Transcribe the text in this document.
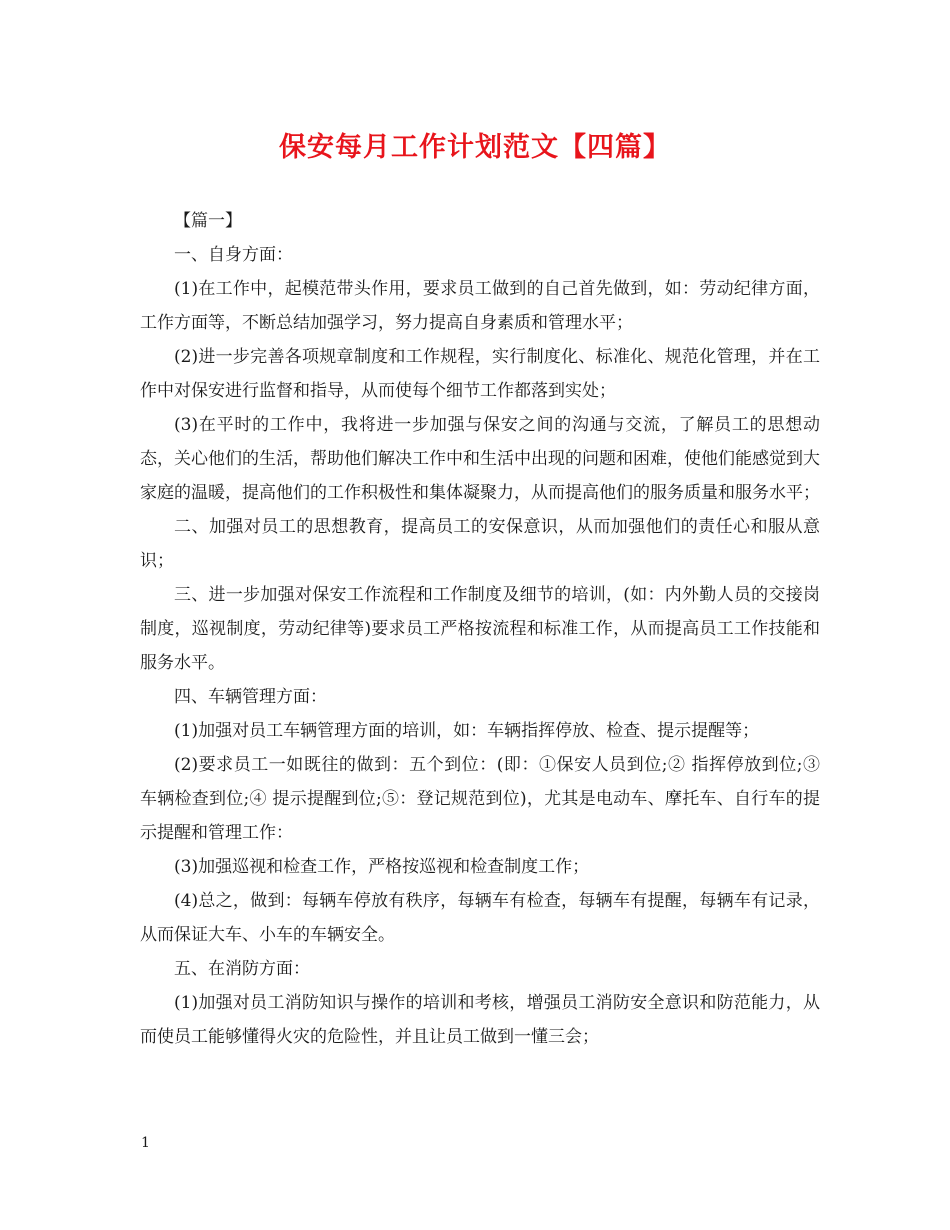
保安每月工作计划范文【四篇】

【篇一】

一、自身方面：

(1)在工作中，起模范带头作用，要求员工做到的自己首先做到，如：劳动纪律方面，工作方面等，不断总结加强学习，努力提高自身素质和管理水平；

(2)进一步完善各项规章制度和工作规程，实行制度化、标准化、规范化管理，并在工作中对保安进行监督和指导，从而使每个细节工作都落到实处；

(3)在平时的工作中，我将进一步加强与保安之间的沟通与交流，了解员工的思想动态，关心他们的生活，帮助他们解决工作中和生活中出现的问题和困难，使他们能感觉到大家庭的温暖，提高他们的工作积极性和集体凝聚力，从而提高他们的服务质量和服务水平；

二、加强对员工的思想教育，提高员工的安保意识，从而加强他们的责任心和服从意识；

三、进一步加强对保安工作流程和工作制度及细节的培训，(如：内外勤人员的交接岗制度，巡视制度，劳动纪律等)要求员工严格按流程和标准工作，从而提高员工工作技能和服务水平。

四、车辆管理方面：

(1)加强对员工车辆管理方面的培训，如：车辆指挥停放、检查、提示提醒等；

(2)要求员工一如既往的做到：五个到位：(即：①保安人员到位;② 指挥停放到位;③ 车辆检查到位;④ 提示提醒到位;⑤：登记规范到位)，尤其是电动车、摩托车、自行车的提示提醒和管理工作：

(3)加强巡视和检查工作，严格按巡视和检查制度工作；

(4)总之，做到：每辆车停放有秩序，每辆车有检查，每辆车有提醒，每辆车有记录，从而保证大车、小车的车辆安全。

五、在消防方面：

(1)加强对员工消防知识与操作的培训和考核，增强员工消防安全意识和防范能力，从而使员工能够懂得火灾的危险性，并且让员工做到一懂三会；

1
